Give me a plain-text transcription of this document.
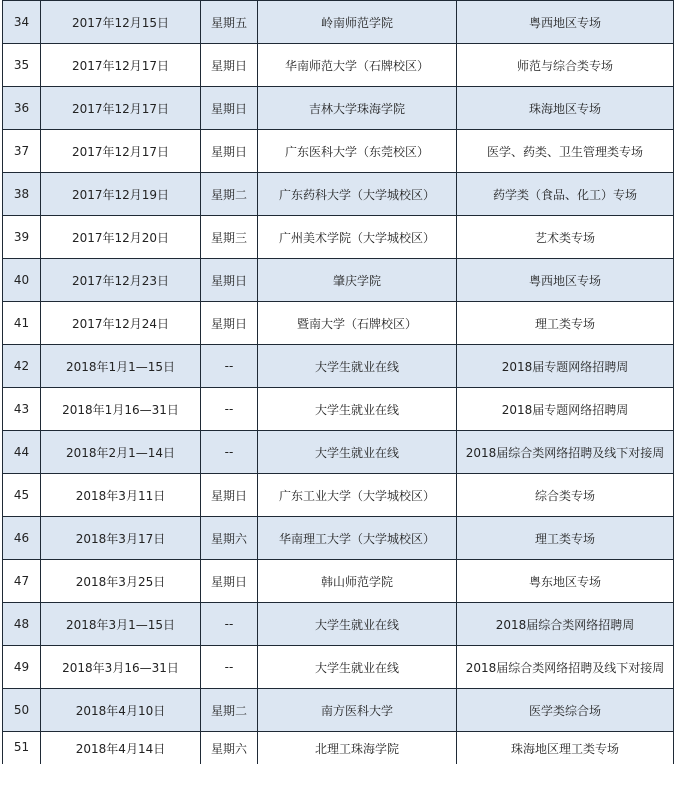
34	2017年12月15日	星期五	岭南师范学院	粤西地区专场
35	2017年12月17日	星期日	华南师范大学（石牌校区）	师范与综合类专场
36	2017年12月17日	星期日	吉林大学珠海学院	珠海地区专场
37	2017年12月17日	星期日	广东医科大学（东莞校区）	医学、药类、卫生管理类专场
38	2017年12月19日	星期二	广东药科大学（大学城校区）	药学类（食品、化工）专场
39	2017年12月20日	星期三	广州美术学院（大学城校区）	艺术类专场
40	2017年12月23日	星期日	肇庆学院	粤西地区专场
41	2017年12月24日	星期日	暨南大学（石牌校区）	理工类专场
42	2018年1月1—15日	--	大学生就业在线	2018届专题网络招聘周
43	2018年1月16—31日	--	大学生就业在线	2018届专题网络招聘周
44	2018年2月1—14日	--	大学生就业在线	2018届综合类网络招聘及线下对接周
45	2018年3月11日	星期日	广东工业大学（大学城校区）	综合类专场
46	2018年3月17日	星期六	华南理工大学（大学城校区）	理工类专场
47	2018年3月25日	星期日	韩山师范学院	粤东地区专场
48	2018年3月1—15日	--	大学生就业在线	2018届综合类网络招聘周
49	2018年3月16—31日	--	大学生就业在线	2018届综合类网络招聘及线下对接周
50	2018年4月10日	星期二	南方医科大学	医学类综合场
51	2018年4月14日	星期六	北理工珠海学院	珠海地区理工类专场
